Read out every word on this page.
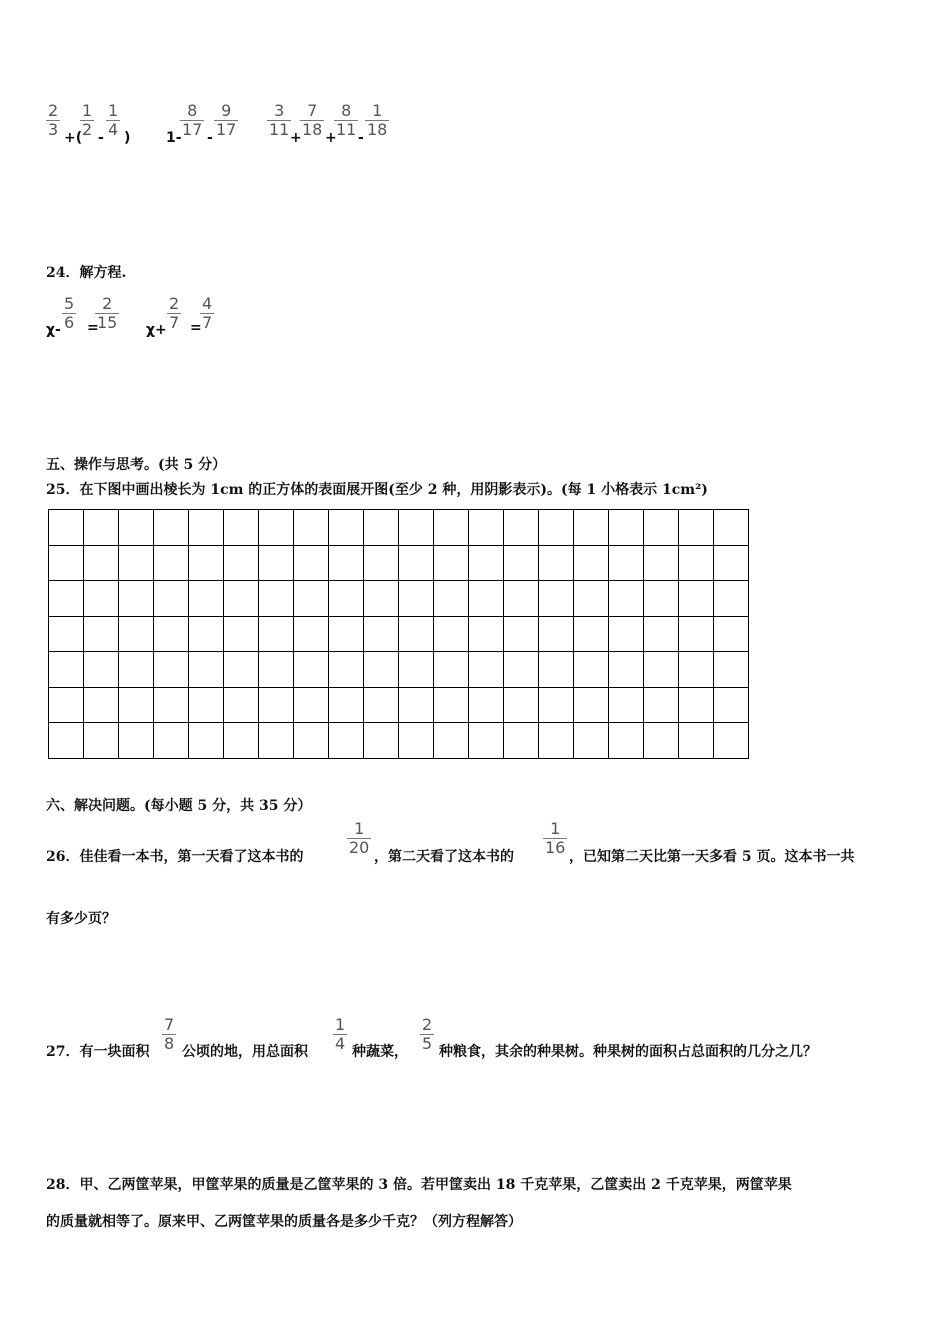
$\frac{2}{3}$ +(
$\frac{1}{2} - \frac{1}{4}$ )	1-
$\frac{8}{17} - \frac{9}{17} \frac{3}{11}$
+
$\frac{7}{18}$ +
$\frac{8}{11} - \frac{1}{18}$
24．解方程.
$\chi- \frac{5}{6}$ =
$\frac{2}{15} \chi+ \frac{2}{7}$ =
$\frac{4}{7}$
五、操作与思考。(共 5 分）
25．在下图中画出棱长为 1cm 的正方体的表面展开图(至少 2 种，用阴影表示)。(每 1 小格表示 1cm²)

六、解决问题。(每小题 5 分，共 35 分）
26．佳佳看一本书，第一天看了这本书的	$\frac{1}{20}$ ，第二天看了这本书的 $\frac{1}{16}$ ，已知第二天比第一天多看 5 页。这本书一共
有多少页？
27．有一块面积 $\frac{7}{8}$ 公顷的地，用总面积 $\frac{1}{4}$ 种蔬菜， $\frac{2}{5}$ 种粮食，其余的种果树。种果树的面积占总面积的几分之几？
28．甲、乙两筐苹果，甲筐苹果的质量是乙筐苹果的 3 倍。若甲筐卖出 18 千克苹果，乙筐卖出 2 千克苹果，两筐苹果
的质量就相等了。原来甲、乙两筐苹果的质量各是多少千克？（列方程解答）
